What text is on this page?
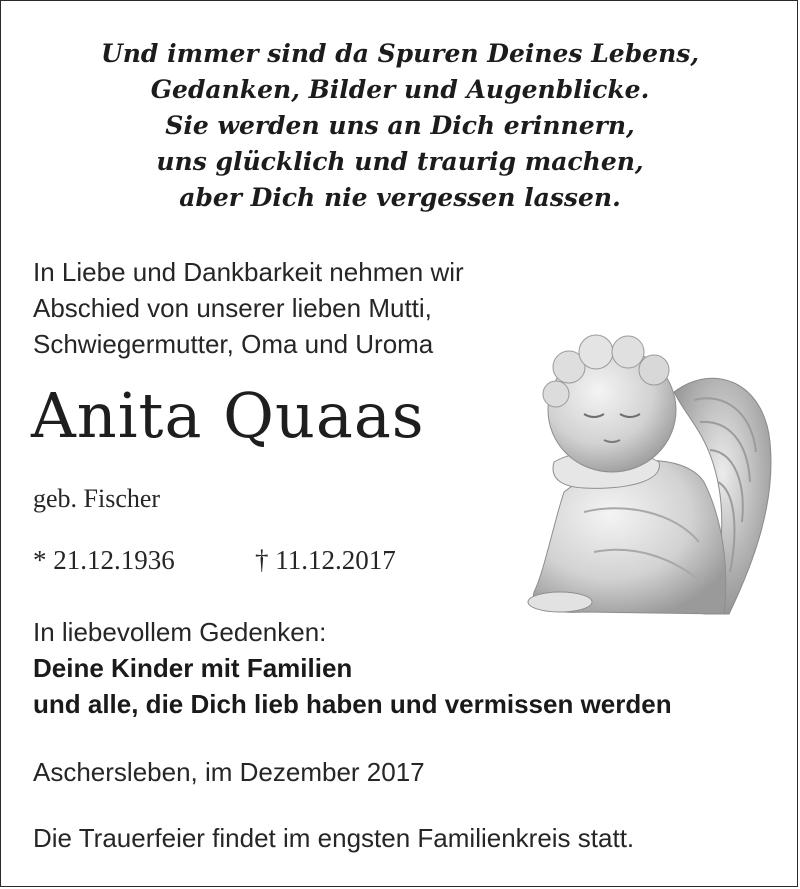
Und immer sind da Spuren Deines Lebens,
Gedanken, Bilder und Augenblicke.
Sie werden uns an Dich erinnern,
uns glücklich und traurig machen,
aber Dich nie vergessen lassen.
In Liebe und Dankbarkeit nehmen wir
Abschied von unserer lieben Mutti,
Schwiegermutter, Oma und Uroma
Anita Quaas
geb. Fischer
* 21.12.1936	† 11.12.2017
In liebevollem Gedenken:
Deine Kinder mit Familien
und alle, die Dich lieb haben und vermissen werden
Aschersleben, im Dezember 2017
Die Trauerfeier findet im engsten Familienkreis statt.
